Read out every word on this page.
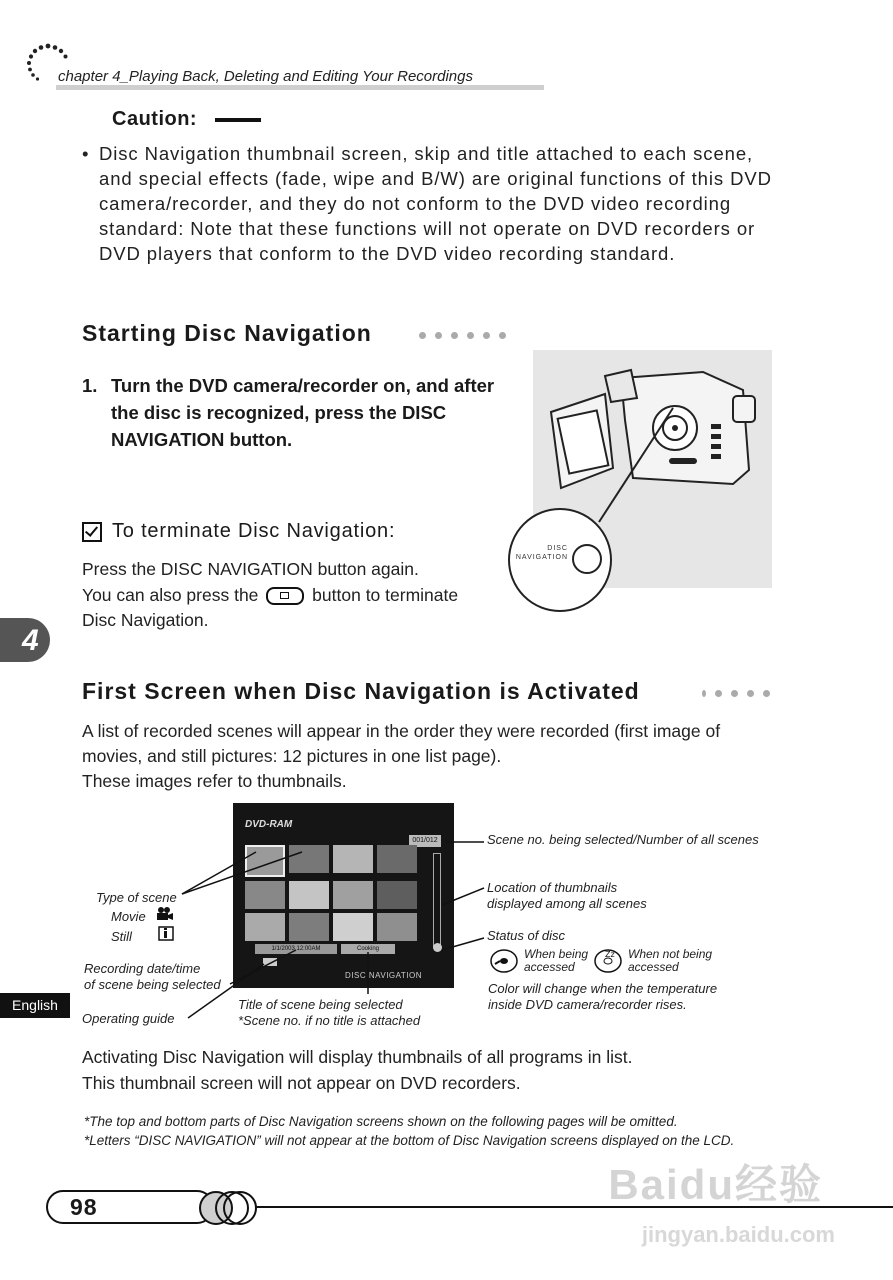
chapter 4_Playing Back, Deleting and Editing Your Recordings
Caution:
• Disc Navigation thumbnail screen, skip and title attached to each scene, and special effects (fade, wipe and B/W) are original functions of this DVD camera/recorder, and they do not conform to the DVD video recording standard: Note that these functions will not operate on DVD recorders or DVD players that conform to the DVD video recording standard.
Starting Disc Navigation
1. Turn the DVD camera/recorder on, and after the disc is recognized, press the DISC NAVIGATION button.
DISC NAVIGATION
To terminate Disc Navigation:
Press the DISC NAVIGATION button again.
You can also press the	button to terminate
Disc Navigation.
4
English
First Screen when Disc Navigation is Activated
A list of recorded scenes will appear in the order they were recorded (first image of movies, and still pictures: 12 pictures in one list page).
These images refer to thumbnails.
DVD-RAM
001/012
1/1/2003 12:00AM	Cooking
DISC NAVIGATION
Scene no. being selected/Number of all scenes
Location of thumbnails
displayed among all scenes
Status of disc
When being
accessed
Zz When not being
accessed
Color will change when the temperature
inside DVD camera/recorder rises.
Type of scene
Movie
Still
Recording date/time
of scene being selected
Operating guide
Title of scene being selected
*Scene no. if no title is attached
Activating Disc Navigation will display thumbnails of all programs in list.
This thumbnail screen will not appear on DVD recorders.
*The top and bottom parts of Disc Navigation screens shown on the following pages will be omitted.
*Letters “DISC NAVIGATION” will not appear at the bottom of Disc Navigation screens displayed on the LCD.
98	Baidu经验
jingyan.baidu.com
